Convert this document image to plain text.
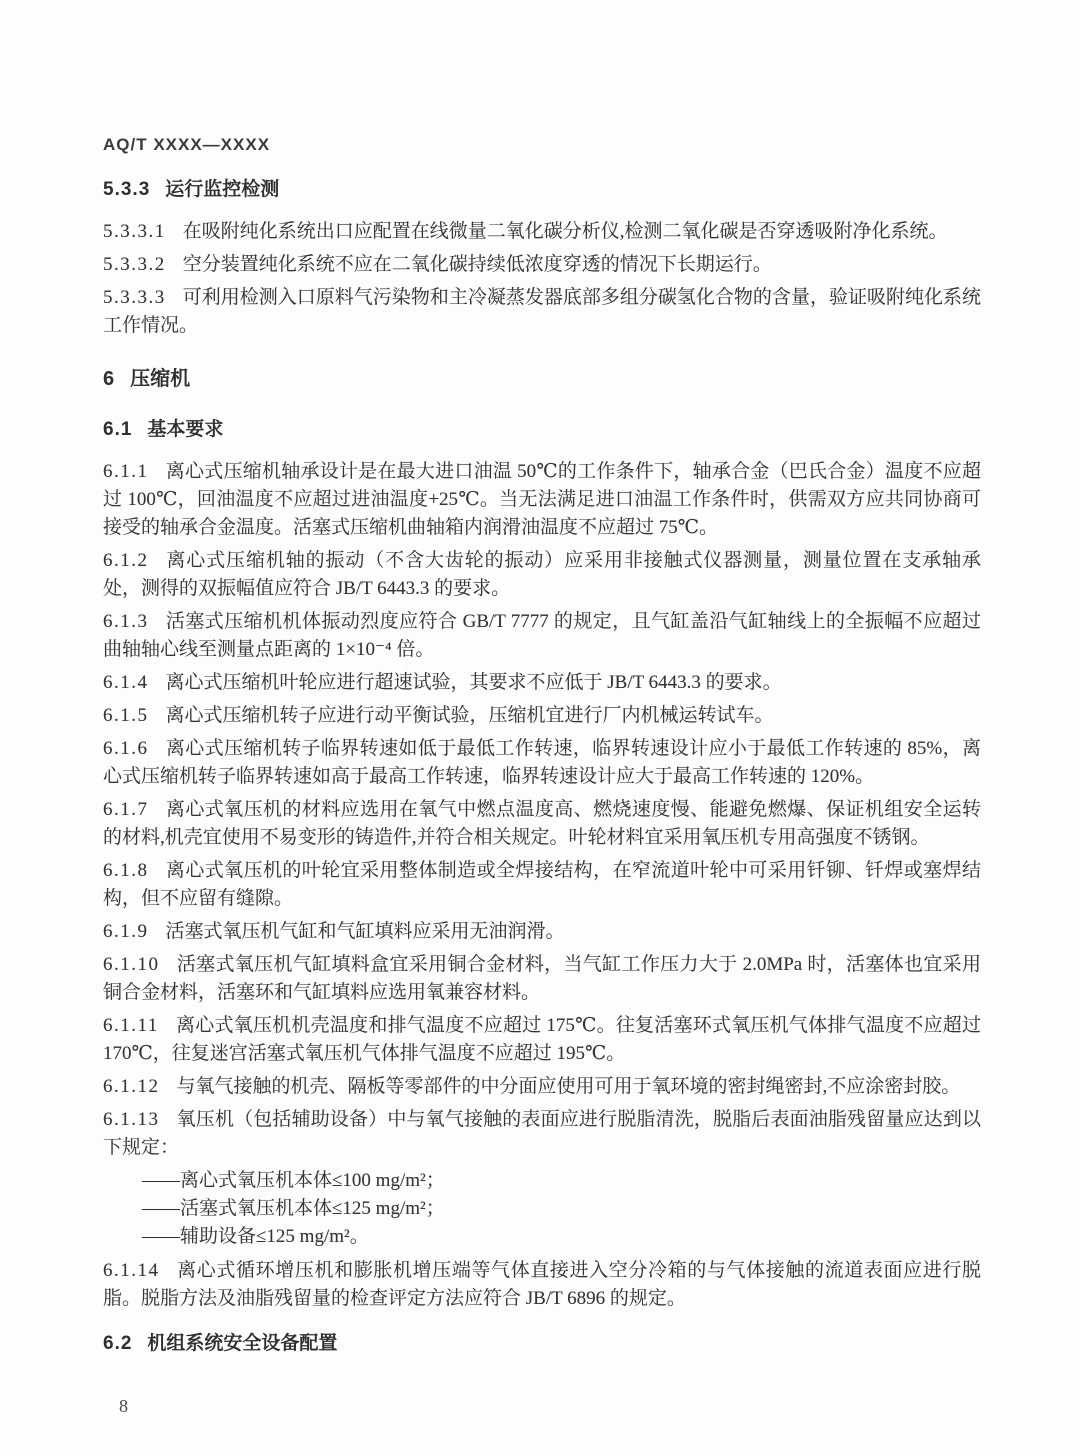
AQ/T XXXX—XXXX
5.3.3 运行监控检测

5.3.3.1 在吸附纯化系统出口应配置在线微量二氧化碳分析仪,检测二氧化碳是否穿透吸附净化系统。

5.3.3.2 空分装置纯化系统不应在二氧化碳持续低浓度穿透的情况下长期运行。

5.3.3.3 可利用检测入口原料气污染物和主冷凝蒸发器底部多组分碳氢化合物的含量，验证吸附纯化系统工作情况。

6 压缩机
6.1 基本要求

6.1.1 离心式压缩机轴承设计是在最大进口油温 50℃的工作条件下，轴承合金（巴氏合金）温度不应超过 100℃，回油温度不应超过进油温度+25℃。当无法满足进口油温工作条件时，供需双方应共同协商可接受的轴承合金温度。活塞式压缩机曲轴箱内润滑油温度不应超过 75℃。

6.1.2 离心式压缩机轴的振动（不含大齿轮的振动）应采用非接触式仪器测量，测量位置在支承轴承处，测得的双振幅值应符合 JB/T 6443.3 的要求。

6.1.3 活塞式压缩机机体振动烈度应符合 GB/T 7777 的规定，且气缸盖沿气缸轴线上的全振幅不应超过曲轴轴心线至测量点距离的 1×10⁻⁴ 倍。

6.1.4 离心式压缩机叶轮应进行超速试验，其要求不应低于 JB/T 6443.3 的要求。

6.1.5 离心式压缩机转子应进行动平衡试验，压缩机宜进行厂内机械运转试车。

6.1.6 离心式压缩机转子临界转速如低于最低工作转速，临界转速设计应小于最低工作转速的 85%，离心式压缩机转子临界转速如高于最高工作转速，临界转速设计应大于最高工作转速的 120%。

6.1.7 离心式氧压机的材料应选用在氧气中燃点温度高、燃烧速度慢、能避免燃爆、保证机组安全运转的材料,机壳宜使用不易变形的铸造件,并符合相关规定。叶轮材料宜采用氧压机专用高强度不锈钢。

6.1.8 离心式氧压机的叶轮宜采用整体制造或全焊接结构，在窄流道叶轮中可采用钎铆、钎焊或塞焊结构，但不应留有缝隙。

6.1.9 活塞式氧压机气缸和气缸填料应采用无油润滑。

6.1.10 活塞式氧压机气缸填料盒宜采用铜合金材料，当气缸工作压力大于 2.0MPa 时，活塞体也宜采用铜合金材料，活塞环和气缸填料应选用氧兼容材料。

6.1.11 离心式氧压机机壳温度和排气温度不应超过 175℃。往复活塞环式氧压机气体排气温度不应超过 170℃，往复迷宫活塞式氧压机气体排气温度不应超过 195℃。

6.1.12 与氧气接触的机壳、隔板等零部件的中分面应使用可用于氧环境的密封绳密封,不应涂密封胶。

6.1.13 氧压机（包括辅助设备）中与氧气接触的表面应进行脱脂清洗，脱脂后表面油脂残留量应达到以下规定：

——离心式氧压机本体≤100 mg/m²；
——活塞式氧压机本体≤125 mg/m²；
——辅助设备≤125 mg/m²。

6.1.14 离心式循环增压机和膨胀机增压端等气体直接进入空分冷箱的与气体接触的流道表面应进行脱脂。脱脂方法及油脂残留量的检查评定方法应符合 JB/T 6896 的规定。

6.2 机组系统安全设备配置
8
